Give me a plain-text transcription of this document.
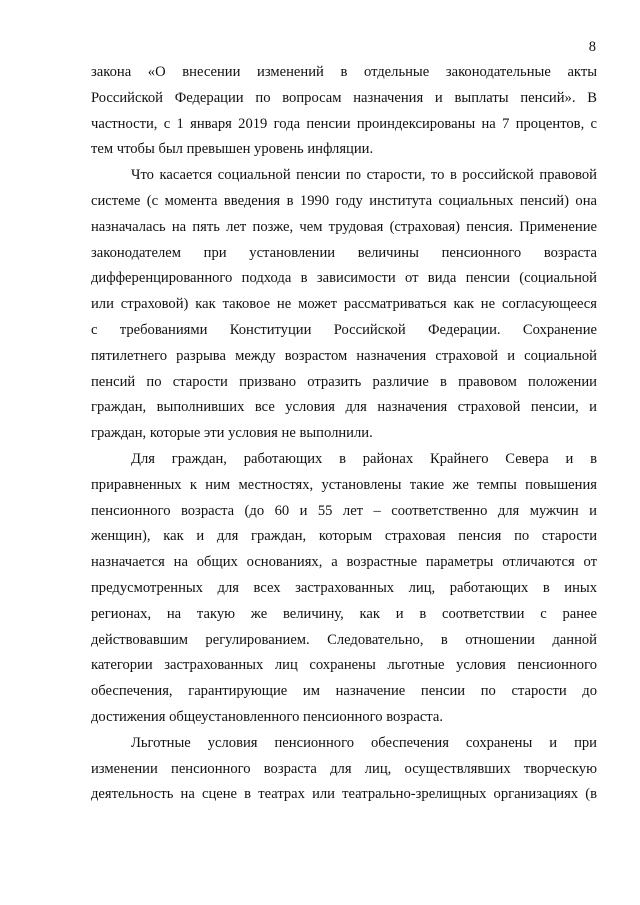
8

закона «О внесении изменений в отдельные законодательные акты
Российской Федерации по вопросам назначения и выплаты пенсий». В
частности, с 1 января 2019 года пенсии проиндексированы на 7 процентов, с
тем чтобы был превышен уровень инфляции.

Что касается социальной пенсии по старости, то в российской правовой
системе (с момента введения в 1990 году института социальных пенсий) она
назначалась на пять лет позже, чем трудовая (страховая) пенсия. Применение
законодателем при установлении величины пенсионного возраста
дифференцированного подхода в зависимости от вида пенсии (социальной
или страховой) как таковое не может рассматриваться как не согласующееся
с требованиями Конституции Российской Федерации. Сохранение
пятилетнего разрыва между возрастом назначения страховой и социальной
пенсий по старости призвано отразить различие в правовом положении
граждан, выполнивших все условия для назначения страховой пенсии, и
граждан, которые эти условия не выполнили.

Для граждан, работающих в районах Крайнего Севера и в
приравненных к ним местностях, установлены такие же темпы повышения
пенсионного возраста (до 60 и 55 лет – соответственно для мужчин и
женщин), как и для граждан, которым страховая пенсия по старости
назначается на общих основаниях, а возрастные параметры отличаются от
предусмотренных для всех застрахованных лиц, работающих в иных
регионах, на такую же величину, как и в соответствии с ранее
действовавшим регулированием. Следовательно, в отношении данной
категории застрахованных лиц сохранены льготные условия пенсионного
обеспечения, гарантирующие им назначение пенсии по старости до
достижения общеустановленного пенсионного возраста.

Льготные условия пенсионного обеспечения сохранены и при
изменении пенсионного возраста для лиц, осуществлявших творческую
деятельность на сцене в театрах или театрально-зрелищных организациях (в
